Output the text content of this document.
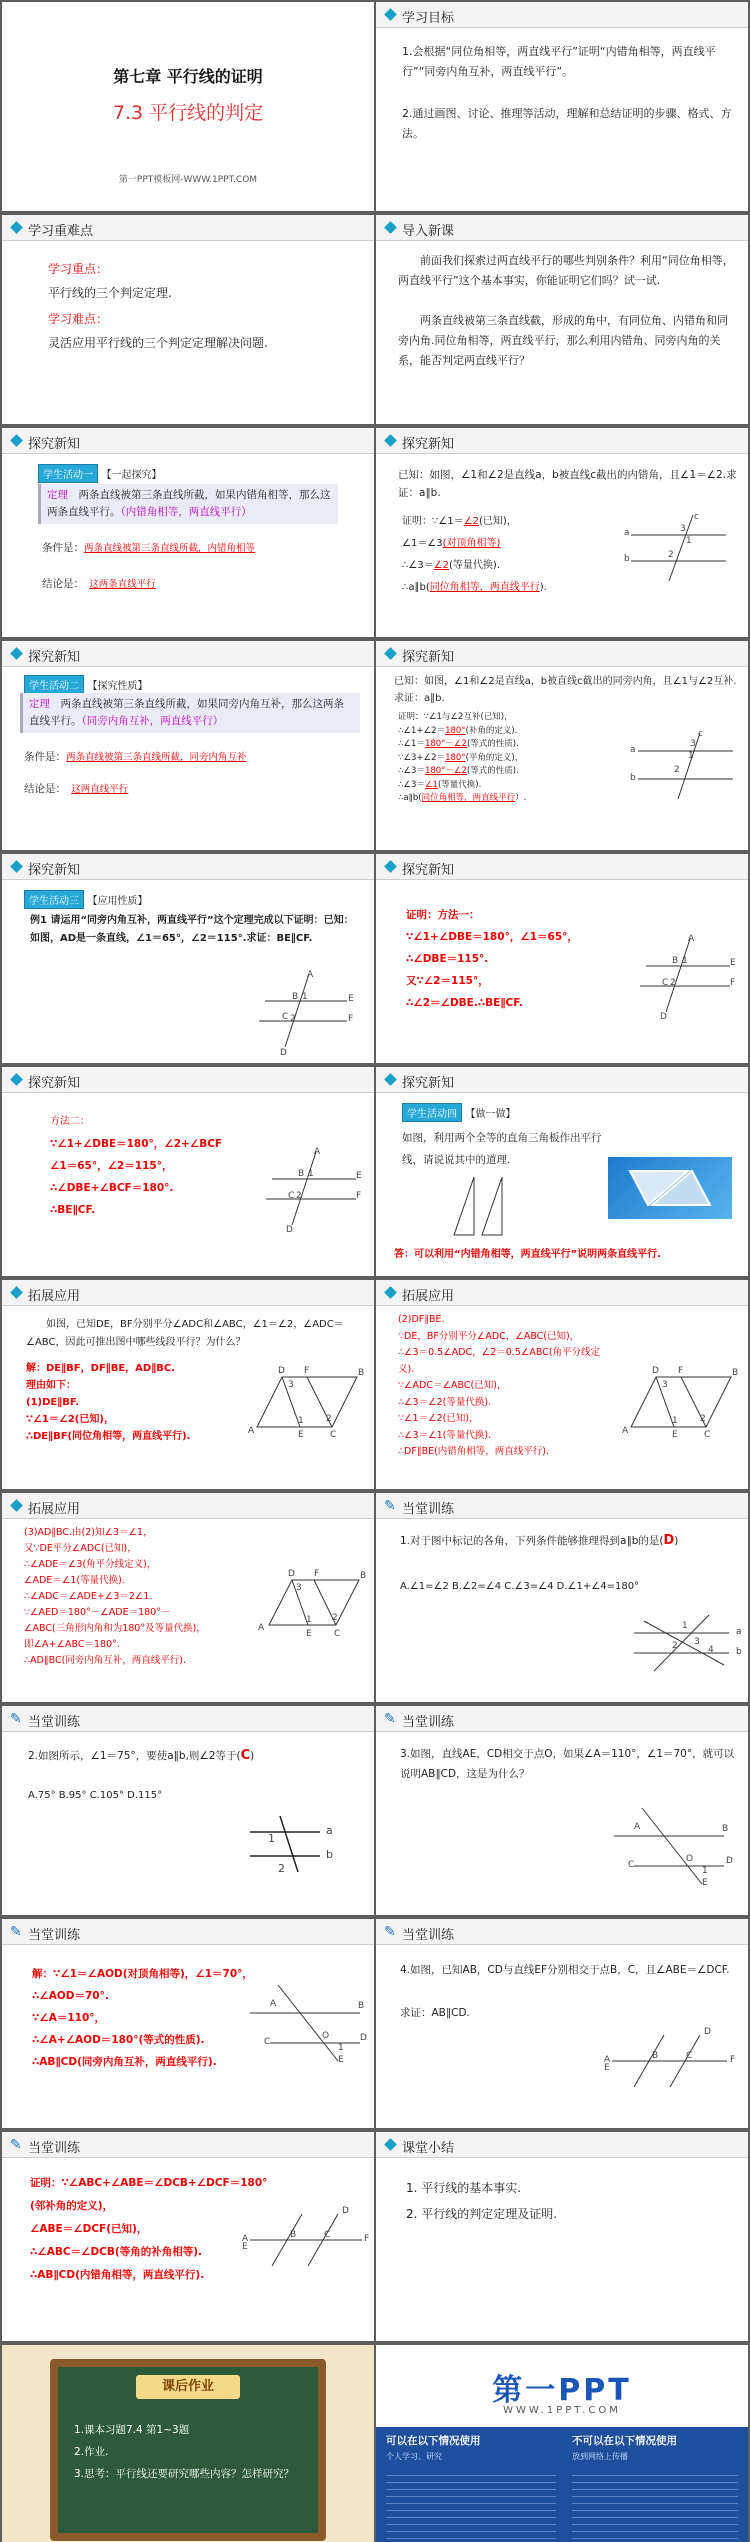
第七章 平行线的证明
7.3 平行线的判定
第一PPT模板网-WWW.1PPT.COM
学习目标
1.会根据“同位角相等，两直线平行”证明“内错角相等，两直线平行”“同旁内角互补，两直线平行”。
2.通过画图、讨论、推理等活动，理解和总结证明的步骤、格式、方法。
学习重难点
学习重点：
平行线的三个判定定理.
学习难点：
灵活应用平行线的三个判定定理解决问题.
导入新课
前面我们探索过两直线平行的哪些判别条件？利用“同位角相等，两直线平行”这个基本事实，你能证明它们吗？试一试.
两条直线被第三条直线截，形成的角中，有同位角、内错角和同旁内角.同位角相等，两直线平行，那么利用内错角、同旁内角的关系，能否判定两直线平行？
探究新知
学生活动一 【一起探究】
定理　 两条直线被第三条直线所截，如果内错角相等，那么这两条直线平行。（内错角相等，两直线平行）
条件是：两条直线被第三条直线所截，内错角相等
结论是：　 这两条直线平行
探究新知
已知：如图，∠1和∠2是直线a，b被直线c截出的内错角，且∠1＝∠2.求证：a∥b.
证明：∵∠1＝∠2(已知)，
∠1＝∠3(对顶角相等)
∴∠3＝∠2(等量代换).
∴a∥b(同位角相等，两直线平行).
a
b
c
1
2
3
探究新知
学生活动二 【探究性质】
定理　 两条直线被第三条直线所截，如果同旁内角互补，那么这两条直线平行。（同旁内角互补，两直线平行）
条件是：两条直线被第三条直线所截，同旁内角互补
结论是：　 这两直线平行
探究新知
已知：如图，∠1和∠2是直线a，b被直线c截出的同旁内角，且∠1与∠2互补.求证：a∥b.
证明：∵∠1与∠2互补(已知)，
∴∠1+∠2＝180°(补角的定义).
∴∠1＝180°－∠2(等式的性质).
∵∠3+∠2＝180°(平角的定义)，
∴∠3＝180°－∠2(等式的性质).
∴∠3＝∠1(等量代换).
∴a∥b(同位角相等，两直线平行）.
a
b
c
1
2
3
探究新知
学生活动三 【应用性质】
例1 请运用“同旁内角互补，两直线平行”这个定理完成以下证明：已知：如图，AD是一条直线，∠1＝65°，∠2＝115°.求证：BE∥CF.
A
B
C
D
E
F
1
2
探究新知
证明：方法一：
∵∠1+∠DBE＝180°，∠1＝65°，
∴∠DBE＝115°.
又∵∠2＝115°，
∴∠2＝∠DBE.∴BE∥CF.
A
B
C
D
E
F
1
2
探究新知
方法二：
∵∠1+∠DBE＝180°，∠2+∠BCF
∠1＝65°，∠2＝115°，
∴∠DBE+∠BCF＝180°.
∴BE∥CF.
A
B
C
D
E
F
1
2
探究新知
学生活动四 【做一做】
如图，利用两个全等的直角三角板作出平行线，请说说其中的道理.
答：可以利用“内错角相等，两直线平行”说明两条直线平行.
拓展应用
如图，已知DE，BF分别平分∠ADC和∠ABC，∠1＝∠2，∠ADC＝∠ABC，因此可推出图中哪些线段平行？为什么？
解：DE∥BF，DF∥BE，AD∥BC.
理由如下：
(1)DE∥BF.
∵∠1＝∠2(已知)，
∴DE∥BF(同位角相等，两直线平行).	A
B
C
D
E
F
1 2
3
拓展应用
(2)DF∥BE.
∵DE，BF分别平分∠ADC，∠ABC(已知)，
∴∠3＝0.5∠ADC，∠2＝0.5∠ABC(角平分线定义).
∵∠ADC＝∠ABC(已知)，
∴∠3＝∠2(等量代换).
∵∠1＝∠2(已知)，
∴∠3＝∠1(等量代换).
∴DF∥BE(内错角相等，两直线平行).
A
B
C
D
E
F
1 2
3
拓展应用
(3)AD∥BC.由(2)知∠3＝∠1，
又∵DE平分∠ADC(已知)，
∴∠ADE＝∠3(角平分线定义)，
∠ADE＝∠1(等量代换).
∴∠ADC＝∠ADE+∠3＝2∠1.
∵∠AED＝180°－∠ADE＝180°－
∠ABC(三角形内角和为180°及等量代换)，
即∠A+∠ABC＝180°.
∴AD∥BC(同旁内角互补，两直线平行).
A
B
C
D
E
F
1 2
3
✎ 当堂训练
1.对于图中标记的各角，下列条件能够推理得到a∥b的是(D)
A.∠1=∠2 B.∠2=∠4 C.∠3=∠4 D.∠1+∠4=180°
a
b
1
2 3
4
✎ 当堂训练
2.如图所示，∠1＝75°，要使a∥b,则∠2等于(C)
A.75° B.95° C.105° D.115°
a
b
1
2
✎ 当堂训练
3.如图，直线AE，CD相交于点O，如果∠A＝110°，∠1＝70°，就可以说明AB∥CD，这是为什么？
A	B
C	D
E
O
1
✎ 当堂训练
解：∵∠1＝∠AOD(对顶角相等)，∠1＝70°，
∴∠AOD＝70°.
∵∠A＝110°，
∴∠A+∠AOD＝180°(等式的性质).
∴AB∥CD(同旁内角互补，两直线平行).
A	B
C	D
E
O
1
✎ 当堂训练
4.如图，已知AB，CD与直线EF分别相交于点B，C，且∠ABE＝∠DCF.
求证：AB∥CD.
A	B	C
D
E
F
✎ 当堂训练
证明：∵∠ABC+∠ABE＝∠DCB+∠DCF＝180°
(邻补角的定义)，
∠ABE＝∠DCF(已知)，
∴∠ABC＝∠DCB(等角的补角相等).
∴AB∥CD(内错角相等，两直线平行).
A	B	C
D
E
F
课堂小结
1. 平行线的基本事实.
2. 平行线的判定定理及证明.
课后作业
1.课本习题7.4 第1~3题
2.作业.
3.思考：平行线还要研究哪些内容？怎样研究？
第一PPT
WWW.1PPT.COM
可以在以下情况使用	不可以在以下情况使用
个人学习、研究	放到网络上传播
